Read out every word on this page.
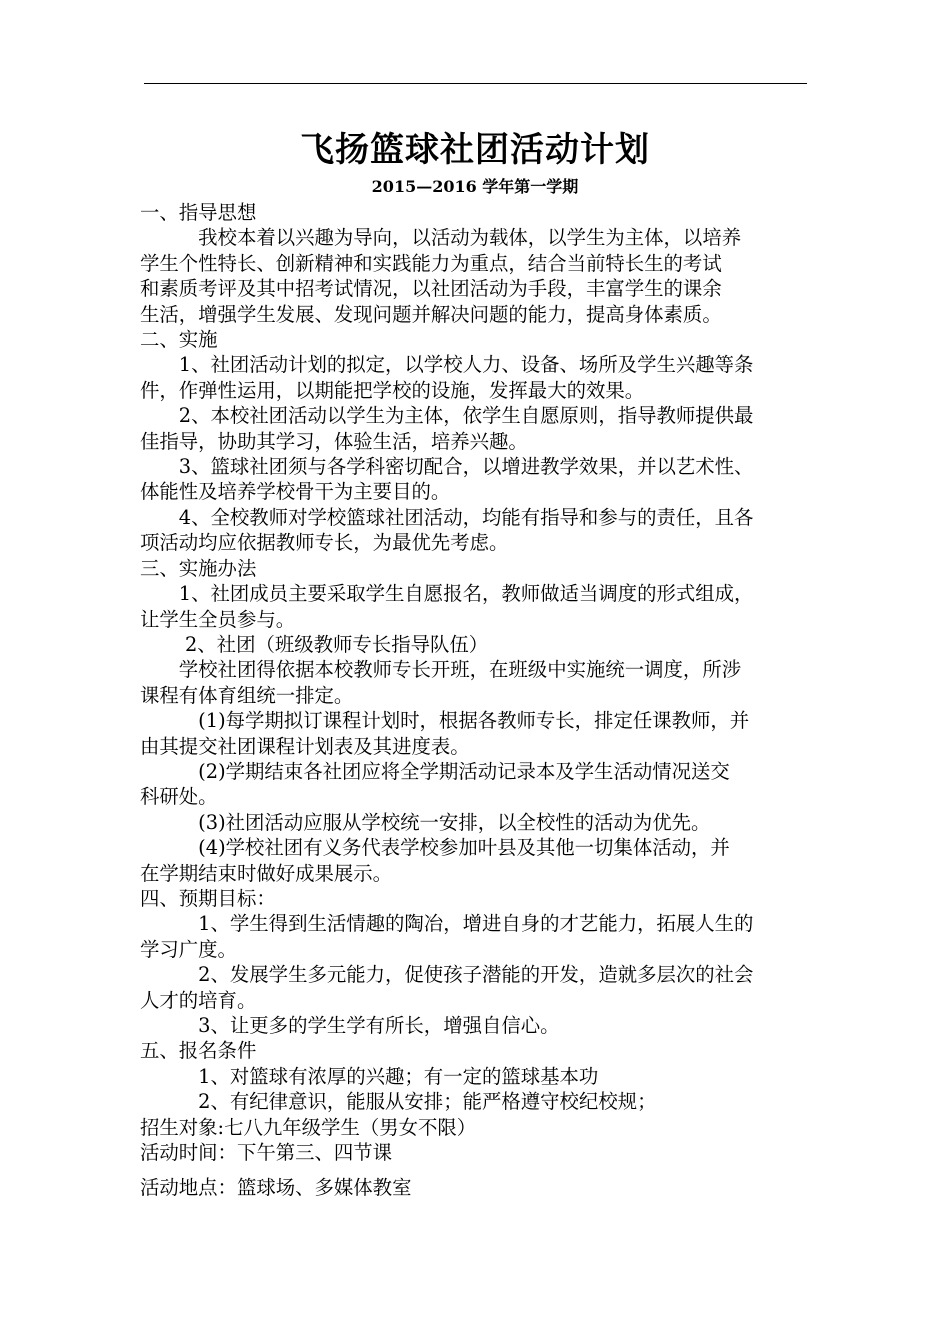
飞扬篮球社团活动计划
2015—2016 学年第一学期

一、指导思想

　　　我校本着以兴趣为导向，以活动为载体，以学生为主体，以培养

学生个性特长、创新精神和实践能力为重点，结合当前特长生的考试

和素质考评及其中招考试情况，以社团活动为手段，丰富学生的课余

生活，增强学生发展、发现问题并解决问题的能力，提高身体素质。

二、实施

　　1、社团活动计划的拟定，以学校人力、设备、场所及学生兴趣等条

件，作弹性运用，以期能把学校的设施，发挥最大的效果。

　　2、本校社团活动以学生为主体，依学生自愿原则，指导教师提供最

佳指导，协助其学习，体验生活，培养兴趣。

　　3、篮球社团须与各学科密切配合，以增进教学效果，并以艺术性、

体能性及培养学校骨干为主要目的。

　　4、全校教师对学校篮球社团活动，均能有指导和参与的责任，且各

项活动均应依据教师专长，为最优先考虑。

三、实施办法

　　1、社团成员主要采取学生自愿报名，教师做适当调度的形式组成，

让学生全员参与。

　　 2、社团（班级教师专长指导队伍）

　　学校社团得依据本校教师专长开班，在班级中实施统一调度，所涉

课程有体育组统一排定。

　　　(1)每学期拟订课程计划时，根据各教师专长，排定任课教师，并

由其提交社团课程计划表及其进度表。

　　　(2)学期结束各社团应将全学期活动记录本及学生活动情况送交

科研处。

　　　(3)社团活动应服从学校统一安排，以全校性的活动为优先。

　　　(4)学校社团有义务代表学校参加叶县及其他一切集体活动，并

在学期结束时做好成果展示。

四、预期目标：

　　　1、学生得到生活情趣的陶冶，增进自身的才艺能力，拓展人生的

学习广度。

　　　2、发展学生多元能力，促使孩子潜能的开发，造就多层次的社会

人才的培育。

　　　3、让更多的学生学有所长，增强自信心。

五、报名条件

　　　1、对篮球有浓厚的兴趣；有一定的篮球基本功

　　　2、有纪律意识，能服从安排；能严格遵守校纪校规；

招生对象:七八九年级学生（男女不限）

活动时间：下午第三、四节课

活动地点：篮球场、多媒体教室
